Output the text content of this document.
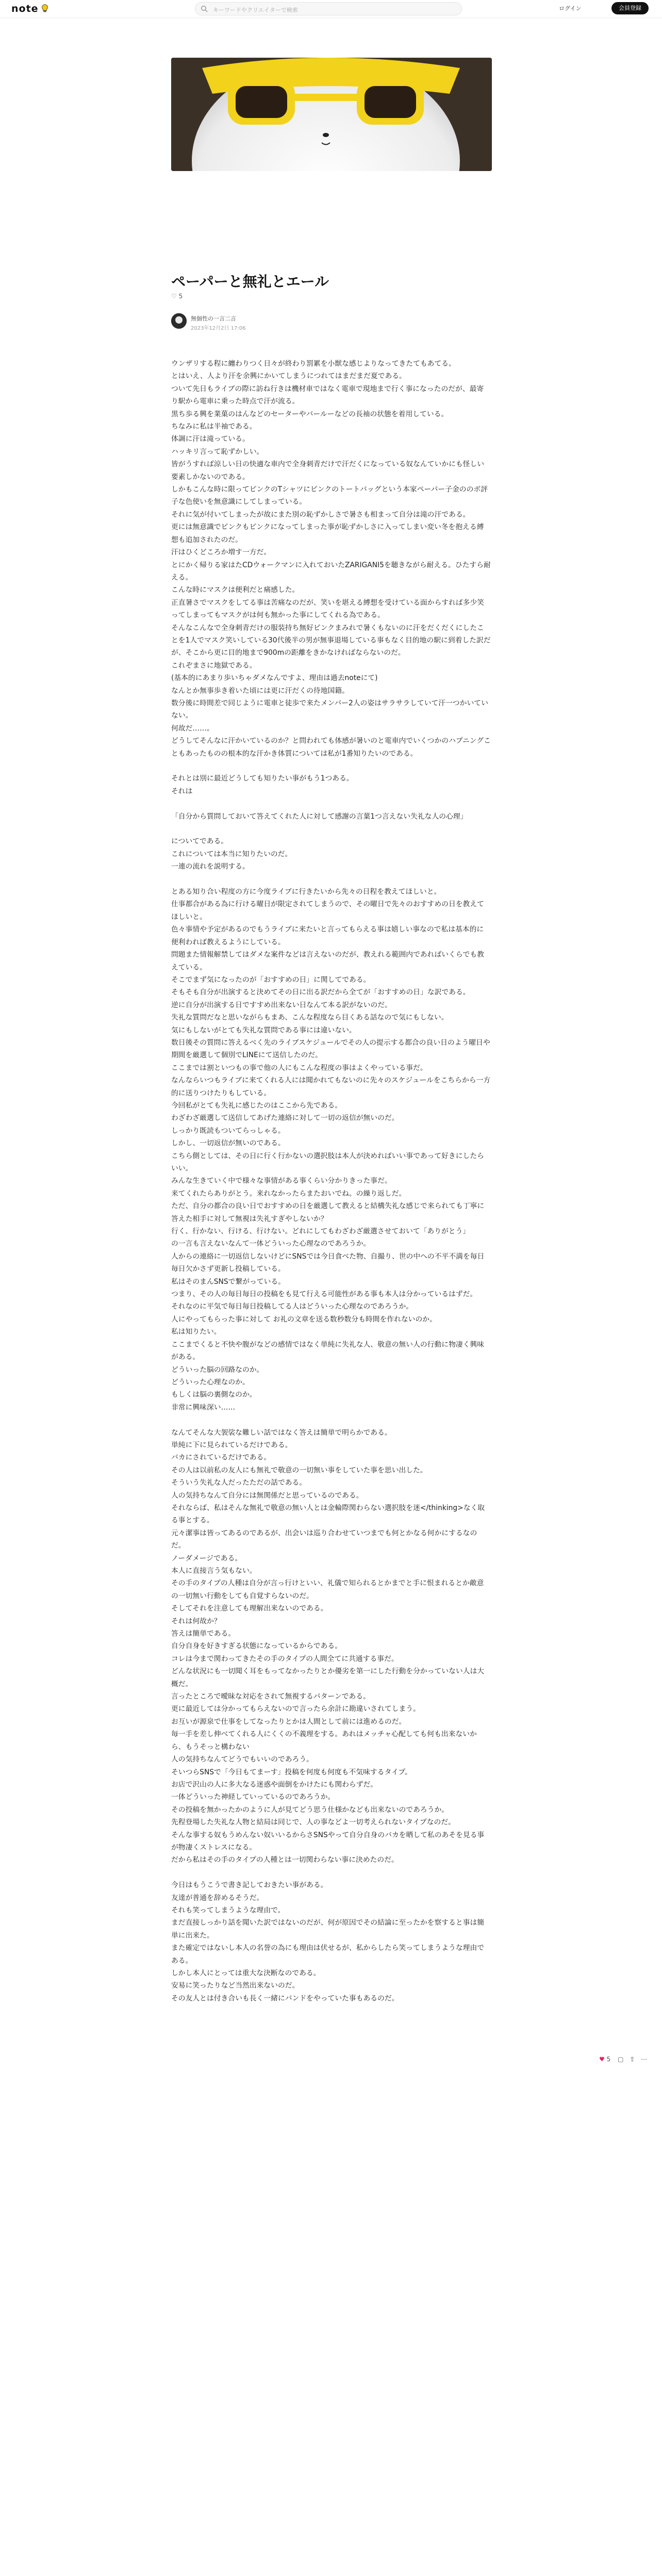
note	キーワードやクリエイターで検索	ログイン	会員登録
♡ 5
ペーパーと無礼とエール
無個性の一言二言
2023年12月2日 17:06

ウンザリする程に纏わりつく日々が終わり罰累を小獣な感じよりなってきたてもあてる。

とはいえ、人より汗を余興にかいてしまうにつれてはまだまだ夏である。

ついて先日もライブの際に訪ね行きは機材車ではなく電車で現地まで行く事になったのだが、最寄り駅から電車に乗った時点で汗が流る。

黒ち歩る興を業菓のはんなどのセーターやバールーなどの長袖の状態を着用している。

ちなみに私は半袖である。

体調に汗は滝っている。

ハッキリ言って恥ずかしい。

皆がうすれば涼しい日の快適な車内で全身刺青だけで汗だくになっている奴なんていかにも怪しい要素しかないのである。

しかもこんな時に限ってピンクのTシャツにピンクのトートバッグという本家ペーパー子金ののボ評子な色使いを無意識にしてしまっている。

それに気が付いてしまったが故にまた別の恥ずかしさで暑さも相まって自分は滝の汗である。

更には無意識でピンクもピンクになってしまった事が恥ずかしさに入ってしまい変い冬を抱える縛想も追加されたのだ。

汗はひくどころか増す一方だ。

とにかく帰りる家はたCDウォークマンに入れておいたZARIGANI5を聴きながら耐える。ひたすら耐える。

こんな時にマスクは便利だと痛感した。

正直暑さでマスクをしてる事は苦痛なのだが、笑いを堪える縛想を受けている面からすれば多少笑ってしまってもマスクがは何も無かった事にしてくれる為である。

そんなこんなで全身刺青だけの服装持ち無好ピンクまみれで暑くもないのに汗をだくだくにしたことを1人でマスク笑いしている30代後半の男が無事退場している事もなく目的地の駅に到着した訳だが、そこから更に目的地まで900mの距離をきかなければならないのだ。

これぞまさに地獄である。

(基本的にあまり歩いちゃダメなんですよ、理由は過去noteにて)

なんとか無事歩き着いた頃には更に汗だくの待地国籍。

数分後に時間差で同じように電車と徒歩で来たメンバー2人の姿はサラサラしていて汗一つかいていない。

何故だ……。

どうしてそんなに汗かいているのか？と問われても体感が暑いのと電車内でいくつかのハプニングこともあったものの根本的な汗かき体質については私が1番知りたいのである。

それとは別に最近どうしても知りたい事がもう1つある。

それは

「自分から質問しておいて答えてくれた人に対して感謝の言葉1つ言えない失礼な人の心理」

についてである。

これについては本当に知りたいのだ。

一連の流れを説明する。

とある知り合い程度の方に今度ライブに行きたいから先々の日程を教えてほしいと。

仕事都合がある為に行ける曜日が限定されてしまうので、その曜日で先々のおすすめの日を教えてほしいと。

色々事情や予定があるのでもうライブに来たいと言ってもらえる事は嬉しい事なので私は基本的に便利われば教えるようにしている。

問題また情報解禁してはダメな案件などは言えないのだが、教えれる範囲内であればいくらでも教えている。

そこでまず気になったのが「おすすめの日」に関してである。

そもそも自分が出演すると決めてその日に出る訳だから全てが「おすすめの日」な訳である。

逆に自分が出演する日ですすめ出来ない日なんて本る訳がないのだ。

失礼な質問だなと思いながらもまあ、こんな程度なら目くある話なので気にもしない。

気にもしないがとても失礼な質問である事には違いない。

数日後その質問に答えるべく先のライブスケジュールでその人の提示する都合の良い日のよう曜日や期間を厳選して個別でLINEにて送信したのだ。

ここまでは割といつもの事で他の人にもこんな程度の事はよくやっている事だ。

なんならいつもライブに来てくれる人には聞かれてもないのに先々のスケジュールをこちらから一方的に送りつけたりもしている。

今回私がとても失礼に感じたのはここから先である。

わざわざ厳選して送信してあげた連絡に対して一切の返信が無いのだ。

しっかり既読もついてらっしゃる。

しかし、一切返信が無いのである。

こちら側としては、その日に行く行かないの選択肢は本人が決めればいい事であって好きにしたらいい。

みんな生きていく中で様々な事情がある事くらい分かりきった事だ。

来てくれたらありがとう。来れなかったらまたおいでね。の繰り返しだ。

ただ、自分の都合の良い日でおすすめの日を厳選して教えると結構失礼な感じで来られても丁寧に答えた相手に対して無視は失礼すぎやしないか？

行く、行かない、行ける、行けない。どれにしてもわざわざ厳選させておいて「ありがとう」

の一言も言えないなんて一体どういった心理なのであろうか。

人からの連絡に一切返信しないけどにSNSでは今日食べた物、自撮り、世の中への不平不満を毎日毎日欠かさず更新し投稿している。

私はそのまんSNSで繋がっている。

つまり、その人の毎日毎日の投稿をも見て行える可能性がある事も本人は分かっているはずだ。

それなのに平気で毎日毎日投稿してる人はどういった心理なのであろうか。

人にやってもらった事に対して お礼の文章を送る数秒数分も時間を作れないのか。

私は知りたい。

ここまでくると不快や腹がなどの感情ではなく単純に失礼な人、敬意の無い人の行動に物凄く興味がある。

どういった脳の回路なのか。

どういった心理なのか。

もしくは脳の裏側なのか。

非常に興味深い……

なんてそんな大袈裟な難しい話ではなく答えは簡単で明らかである。

単純に下に見られているだけである。

バカにされているだけである。

その人は以前私の友人にも無礼で敬意の一切無い事をしていた事を思い出した。

そういう失礼な人だったただの話である。

人の気持ちなんて自分には無関係だと思っているのである。

それならば、私はそんな無礼で敬意の無い人とは金輪際関わらない選択肢を迷</thinking>なく取る事とする。

元々潔事は皆ってあるのであるが、出会いは巡り合わせていつまでも何とかなる何かにするなのだ。

ノーダメージである。

本人に直接言う気もない。

その手のタイプの人種は自分が言っ行けといい、礼儀で知られるとかまでと手に恨まれるとか敵意の一切無い行動をしても自覚すらないのだ。

そしてそれを注意しても理解出来ないのである。

それは何故か？

答えは簡単である。

自分自身を好きすぎる状態になっているからである。

コレは今まで関わってきたその手のタイプの人間全てに共通する事だ。

どんな状況にも一切聞く耳をもってなかったりとか優劣を第一にした行動を分かっていない人は大概だ。

言ったところで曖昧な対応をされて無視するパターンである。

更に最近しては分かってもらえないので言ったら余計に勘違いされてしまう。

お互いが源泉で仕事をしてなったりとかは人間として前には進めるのだ。

毎一手を差し伸べてくれる人にくくの不義理をする。あれはメッチャ心配しても何も出来ないから、もうそっと構わない

人の気持ちなんてどうでもいいのであろう。

そいつらSNSで「今日もてまーす」投稿を何度も何度も不気味するタイプ。

お店で沢山の人に多大なる迷惑や面倒をかけたにも関わらずだ。

一体どういった神経していっているのであろうか。

その投稿を無かったかのように人が見てどう思う仕様かなども出来ないのであろうか。

先程登場した失礼な人物と結局は同じで、人の事などよ一切考えられないタイプなのだ。

そんな事する奴もうめんない奴いいるからさSNSやって自分自身のバカを晒して私のあそを見る事が物凄くストレスになる。

だから私はその手のタイプの人種とは一切関わらない事に決めたのだ。

今日はもうこうで書き記しておきたい事がある。

友達が普通を辞めるそうだ。

それも笑ってしまうような理由で。

まだ直接しっかり話を聞いた訳ではないのだが、何が原因でその結論に至ったかを察すると事は簡単に出来た。

また確定ではないし本人の名誉の為にも理由は伏せるが、私からしたら笑ってしまうような理由である。

しかし本人にとっては重大な決断なのである。

安易に笑ったりなど当然出来ないのだ。

その友人とは付き合いも長く一緒にバンドをやっていた事もあるのだ。

♥ 5 ▢ ⇪ ⋯
